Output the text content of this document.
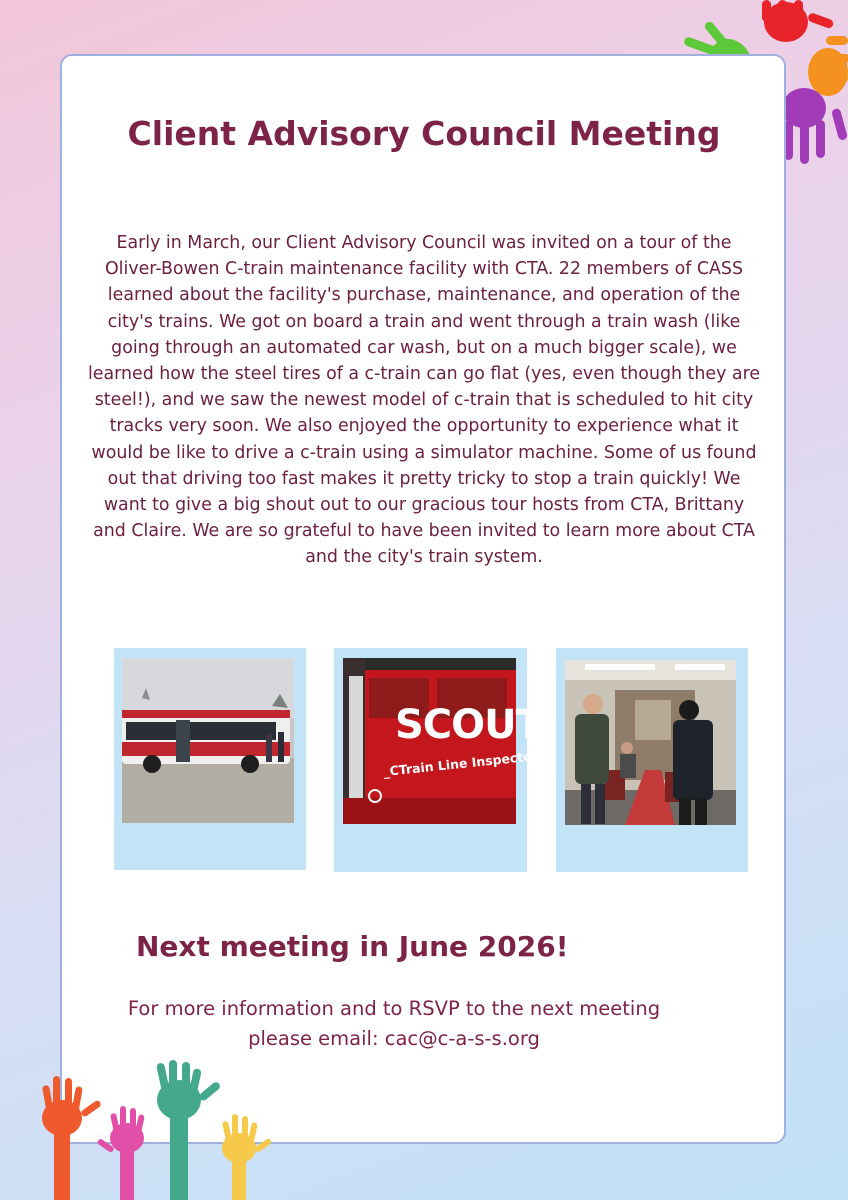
Client Advisory Council Meeting

Early in March, our Client Advisory Council was invited on a tour of the Oliver-Bowen C-train maintenance facility with CTA. 22 members of CASS learned about the facility's purchase, maintenance, and operation of the city's trains. We got on board a train and went through a train wash (like going through an automated car wash, but on a much bigger scale), we learned how the steel tires of a c-train can go flat (yes, even though they are steel!), and we saw the newest model of c-train that is scheduled to hit city tracks very soon. We also enjoyed the opportunity to experience what it would be like to drive a c-train using a simulator machine. Some of us found out that driving too fast makes it pretty tricky to stop a train quickly! We want to give a big shout out to our gracious tour hosts from CTA, Brittany and Claire. We are so grateful to have been invited to learn more about CTA and the city's train system.

SCOUT
_CTrain Line Inspector
Next meeting in June 2026!

For more information and to RSVP to the next meeting
please email: cac@c-a-s-s.org
